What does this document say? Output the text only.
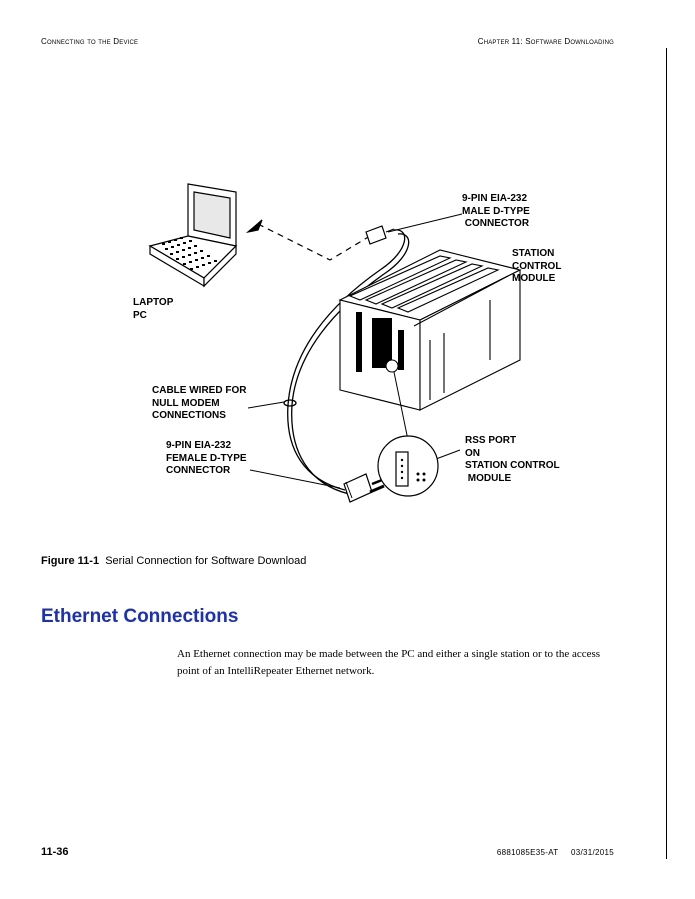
Connecting to the Device	Chapter 11: Software Downloading
9-PIN EIA-232
MALE D-TYPE
CONNECTOR
STATION
CONTROL
MODULE
LAPTOP
PC
CABLE WIRED FOR
NULL MODEM
CONNECTIONS
9-PIN EIA-232
FEMALE D-TYPE
CONNECTOR
RSS PORT
ON
STATION CONTROL
MODULE
Figure 11-1 Serial Connection for Software Download
Ethernet Connections
An Ethernet connection may be made between the PC and either a single station or to the access point of an IntelliRepeater Ethernet network.
11-36	6881085E35-AT     03/31/2015
